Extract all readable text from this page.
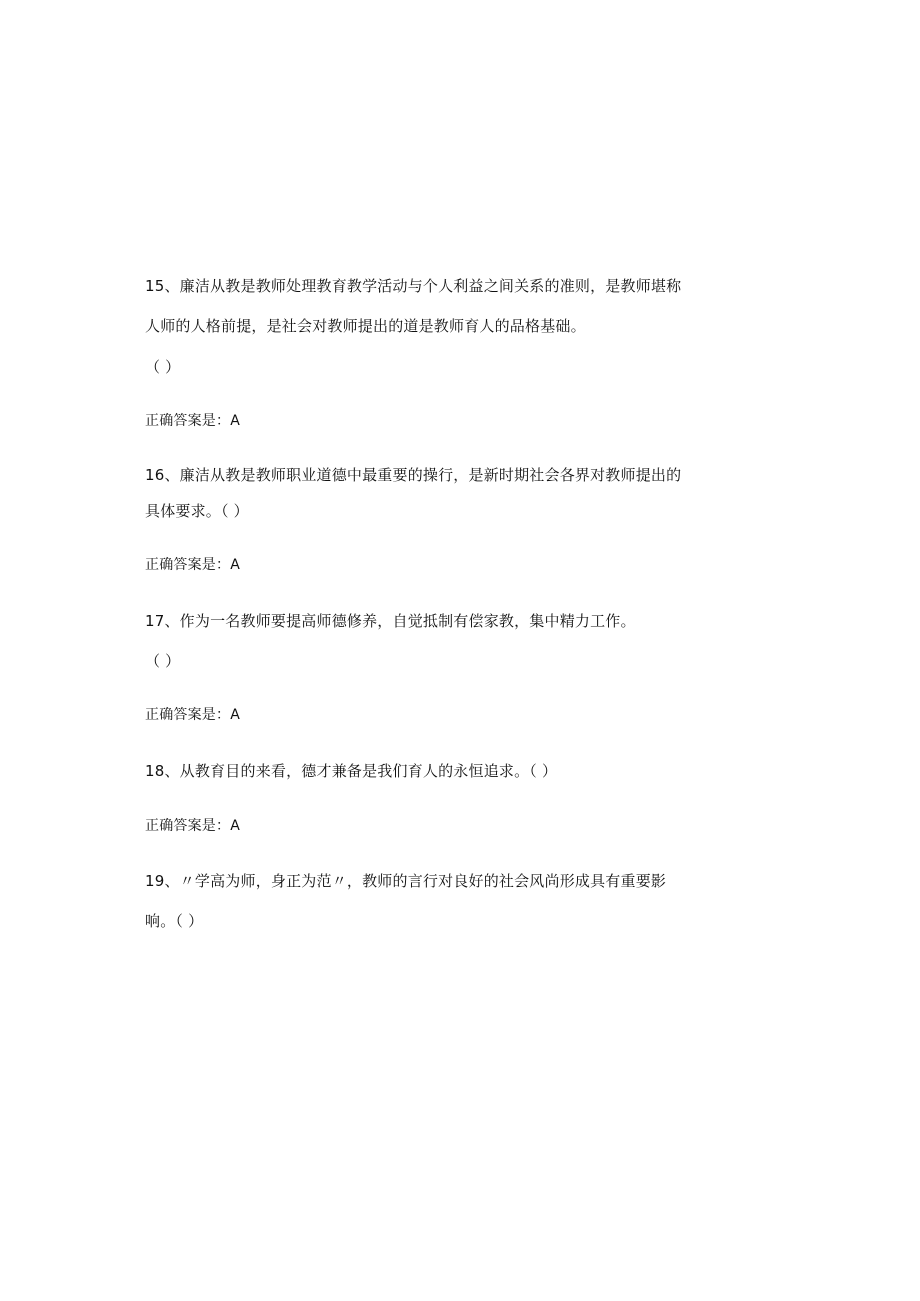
15、廉洁从教是教师处理教育教学活动与个人利益之间关系的准则，是教师堪称
人师的人格前提，是社会对教师提出的道是教师育人的品格基础。
（ ）
正确答案是：A
16、廉洁从教是教师职业道德中最重要的操行，是新时期社会各界对教师提出的
具体要求。（ ）
正确答案是：A
17、作为一名教师要提高师德修养，自觉抵制有偿家教，集中精力工作。
（ ）
正确答案是：A
18、从教育目的来看，德才兼备是我们育人的永恒追求。（ ）
正确答案是：A
19、〃学高为师，身正为范〃，教师的言行对良好的社会风尚形成具有重要影
响。（ ）
